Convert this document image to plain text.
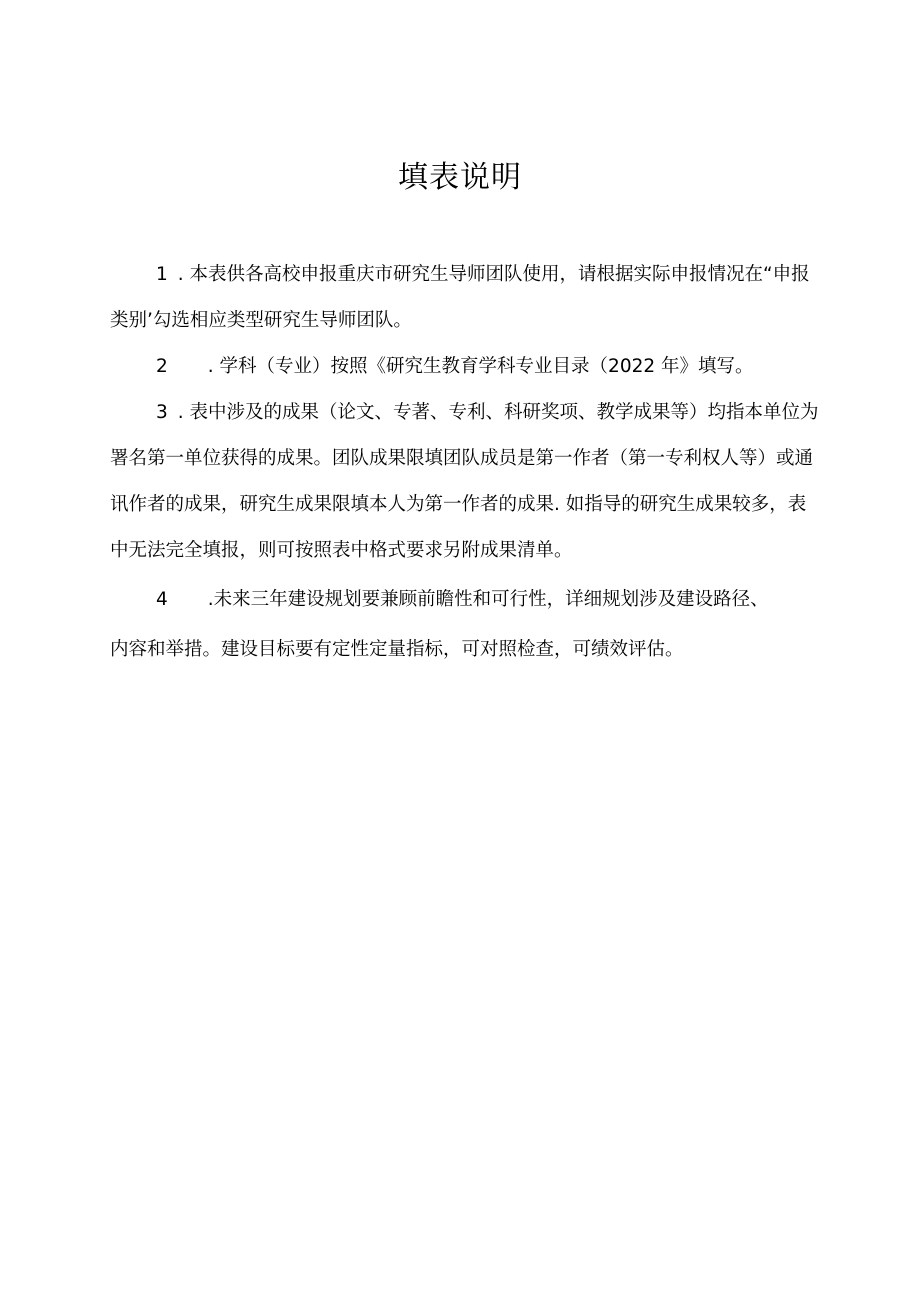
填表说明
1 . 本表供各高校申报重庆市研究生导师团队使用，请根据实际申报情况在“申报
类别’勾选相应类型研究生导师团队。
2 . 学科（专业）按照《研究生教育学科专业目录（2022 年》填写。
3 . 表中涉及的成果（论文、专著、专利、科研奖项、教学成果等）均指本单位为
署名第一单位获得的成果。团队成果限填团队成员是第一作者（第一专利权人等）或通
讯作者的成果，研究生成果限填本人为第一作者的成果. 如指导的研究生成果较多，表
中无法完全填报，则可按照表中格式要求另附成果清单。
4 .未来三年建设规划要兼顾前瞻性和可行性，详细规划涉及建设路径、
内容和举措。建设目标要有定性定量指标，可对照检查，可绩效评估。
